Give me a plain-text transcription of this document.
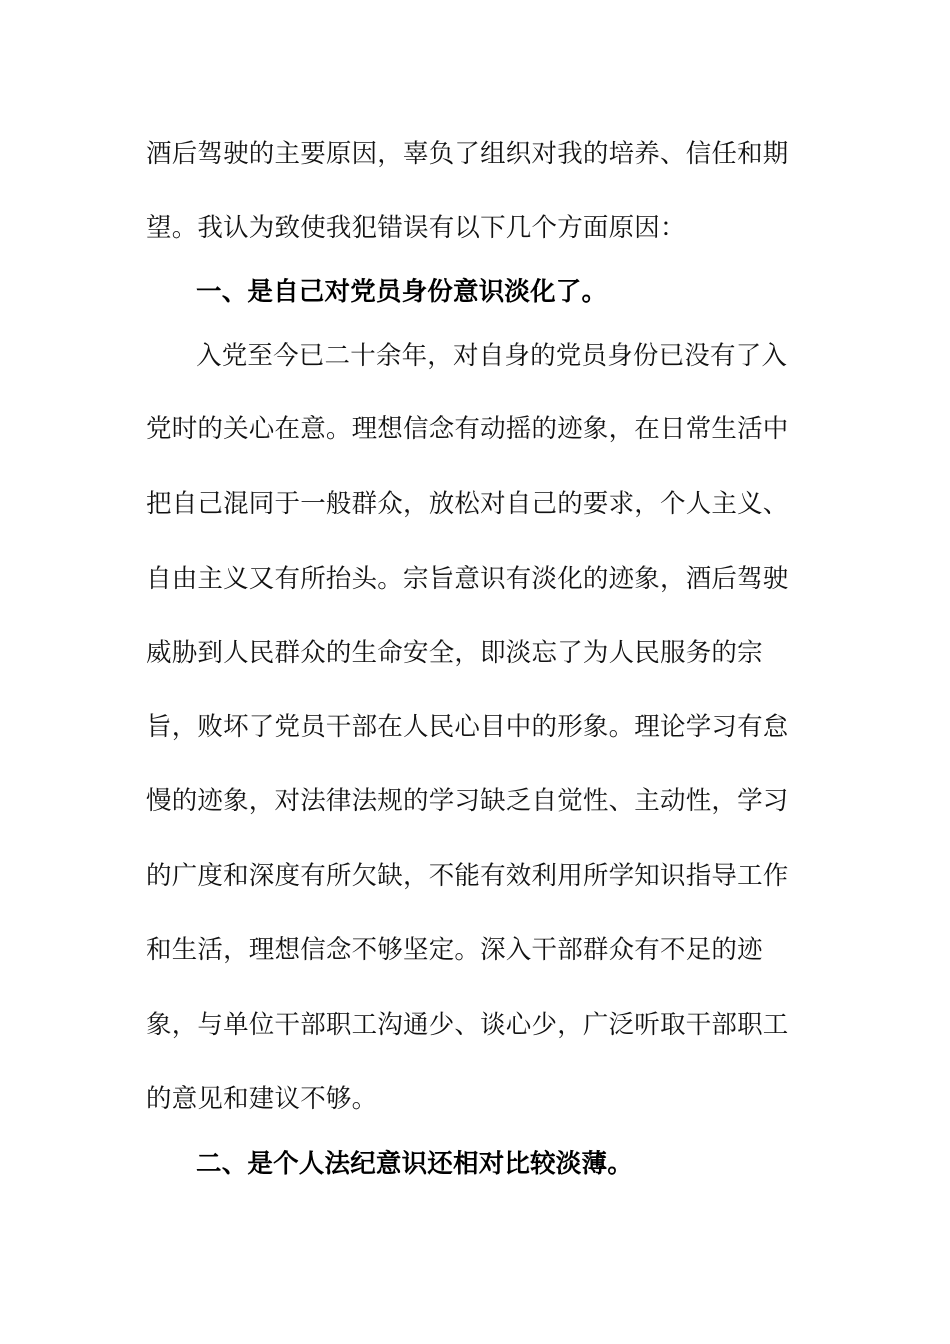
酒后驾驶的主要原因，辜负了组织对我的培养、信任和期
望。我认为致使我犯错误有以下几个方面原因：
一、是自己对党员身份意识淡化了。
入党至今已二十余年，对自身的党员身份已没有了入
党时的关心在意。理想信念有动摇的迹象，在日常生活中
把自己混同于一般群众，放松对自己的要求，个人主义、
自由主义又有所抬头。宗旨意识有淡化的迹象，酒后驾驶
威胁到人民群众的生命安全，即淡忘了为人民服务的宗
旨，败坏了党员干部在人民心目中的形象。理论学习有怠
慢的迹象，对法律法规的学习缺乏自觉性、主动性，学习
的广度和深度有所欠缺，不能有效利用所学知识指导工作
和生活，理想信念不够坚定。深入干部群众有不足的迹
象，与单位干部职工沟通少、谈心少，广泛听取干部职工
的意见和建议不够。
二、是个人法纪意识还相对比较淡薄。
